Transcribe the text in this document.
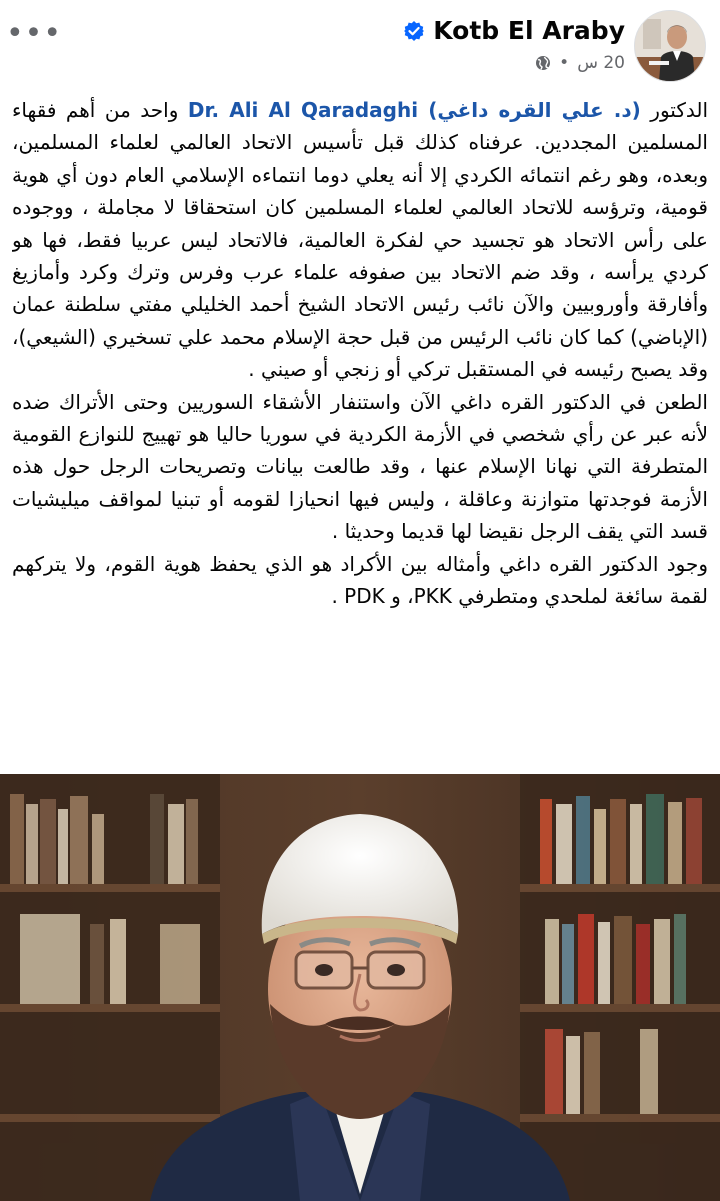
•••	Kotb El Araby
• 20 س

الدكتور (د. علي القره داغي) Dr. Ali Al Qaradaghi واحد من أهم فقهاء المسلمين المجددين. عرفناه كذلك قبل تأسيس الاتحاد العالمي لعلماء المسلمين، وبعده، وهو رغم انتمائه الكردي إلا أنه يعلي دوما انتماءه الإسلامي العام دون أي هوية قومية، وترؤسه للاتحاد العالمي لعلماء المسلمين كان استحقاقا لا مجاملة ، ووجوده على رأس الاتحاد هو تجسيد حي لفكرة العالمية، فالاتحاد ليس عربيا فقط، فها هو كردي يرأسه ، وقد ضم الاتحاد بين صفوفه علماء عرب وفرس وترك وكرد وأمازيغ وأفارقة وأوروبيين والآن نائب رئيس الاتحاد الشيخ أحمد الخليلي مفتي سلطنة عمان (الإباضي) كما كان نائب الرئيس من قبل حجة الإسلام محمد علي تسخيري (الشيعي)، وقد يصبح رئيسه في المستقبل تركي أو زنجي أو صيني .

الطعن في الدكتور القره داغي الآن واستنفار الأشقاء السوريين وحتى الأتراك ضده لأنه عبر عن رأي شخصي في الأزمة الكردية في سوريا حاليا هو تهييج للنوازع القومية المتطرفة التي نهانا الإسلام عنها ، وقد طالعت بيانات وتصريحات الرجل حول هذه الأزمة فوجدتها متوازنة وعاقلة ، وليس فيها انحيازا لقومه أو تبنيا لمواقف ميليشيات قسد التي يقف الرجل نقيضا لها قديما وحديثا .

وجود الدكتور القره داغي وأمثاله بين الأكراد هو الذي يحفظ هوية القوم، ولا يتركهم لقمة سائغة لملحدي ومتطرفي PKK، و PDK .
